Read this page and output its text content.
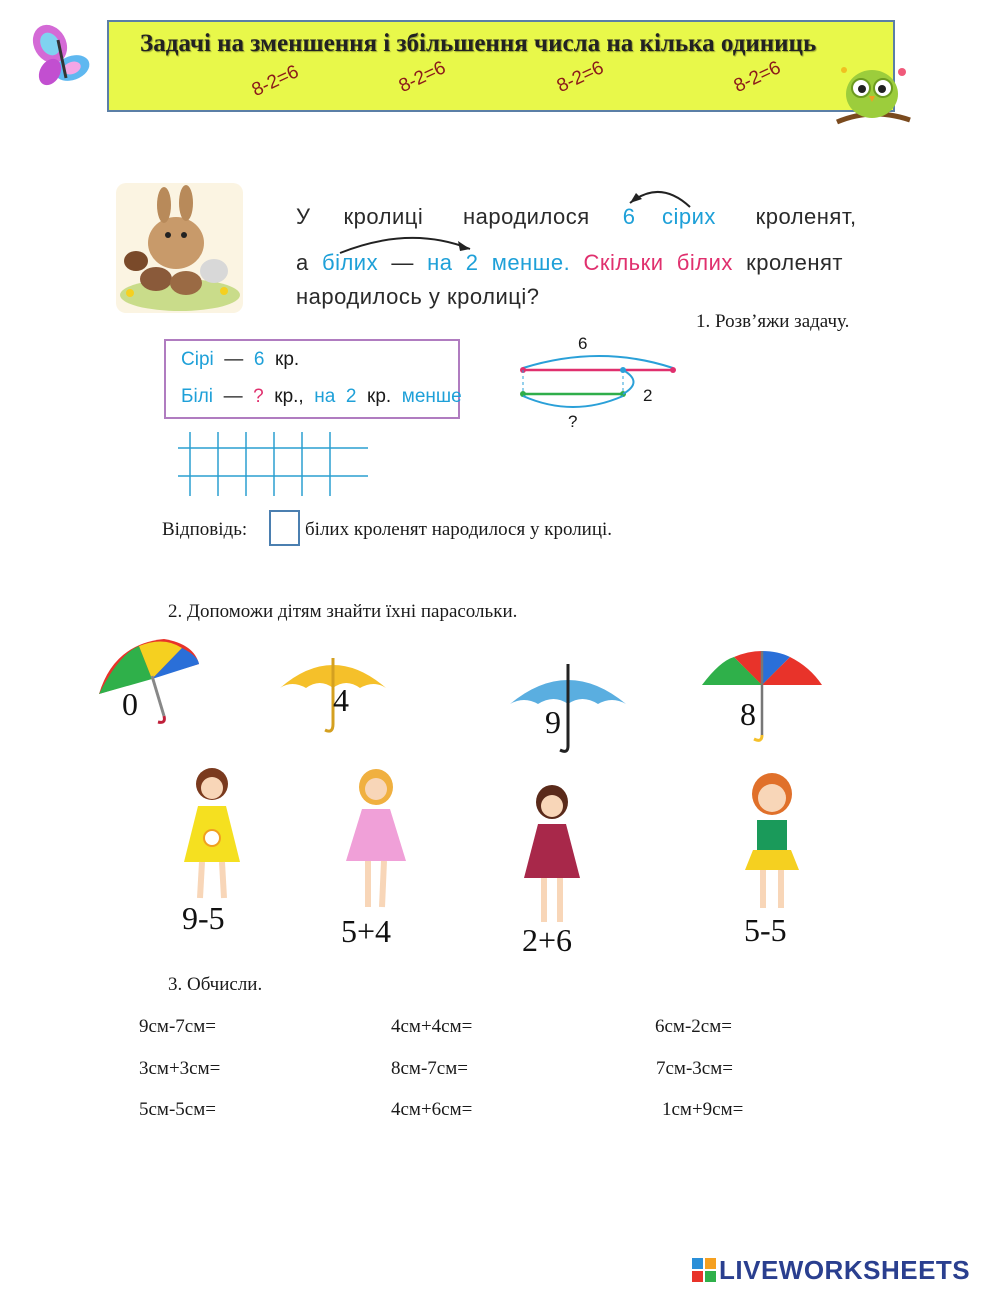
Задачі на зменшення і збільшення числа на кілька одиниць
8-2=6	8-2=6	8-2=6	8-2=6
У кролиці народилося 6 сірих кроленят,
а білих — на 2 менше. Скільки білих кроленят
народилось у кролиці?
1. Розв’яжи задачу.
Сірі — 6 кр.
Білі — ? кр., на 2 кр. менше
6
2
?
Відповідь:	білих кроленят народилося у кролиці.
2. Допоможи дітям знайти їхні парасольки.
0	4
9	8
9-5	5+4	2+6	5-5
3. Обчисли.
9см-7см=	4см+4см=	6см-2см=
3см+3см=	8см-7см=	7см-3см=
5см-5см=	4см+6см=	1см+9см=
LIVEWORKSHEETS
